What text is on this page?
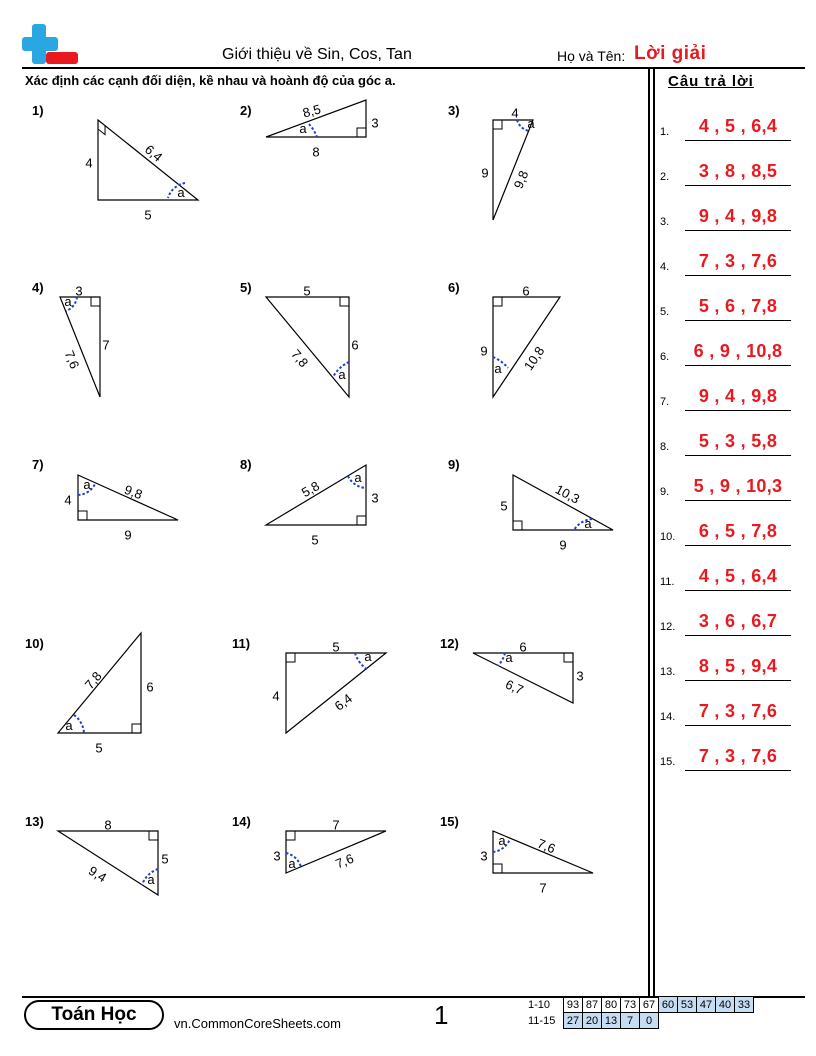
Giới thiệu về Sin, Cos, Tan	Họ và Tên: Lời giải
Xác định các cạnh đối diện, kề nhau và hoành độ của góc a.	Câu trả lời
1.	4 , 5 , 6,4
2.	3 , 8 , 8,5
3.	9 , 4 , 9,8
4.	7 , 3 , 7,6
5.	5 , 6 , 7,8
6.	6 , 9 , 10,8
7.	9 , 4 , 9,8
8.	5 , 3 , 5,8
9.	5 , 9 , 10,3
10.	6 , 5 , 7,8
11.	4 , 5 , 6,4
12.	3 , 6 , 6,7
13.	8 , 5 , 9,4
14.	7 , 3 , 7,6
15.	7 , 3 , 7,6
1)
a
4
5
6,4
2)
a
8,5
3
8
3)
a
4
9 9,8
4)
a
3
7
7,6
5)
a
5
6
7,8
6)
a
6
9	10,8
7)
a
4	9,8
9
8)
a
5,8	3
5
9)
a
5	10,3
9
10)
a
7,8	6
5
11)
a
5
4	6,4
12)
a
6
3
6,7
13)
a
8
5
9,4
14)
a
7
3	7,6
15)
a
3	7,6
7
Toán Học	vn.CommonCoreSheets.com	1	1-10	93 87 80 73 67 60 53 47 40 33
11-15	27 20 13 7	0
